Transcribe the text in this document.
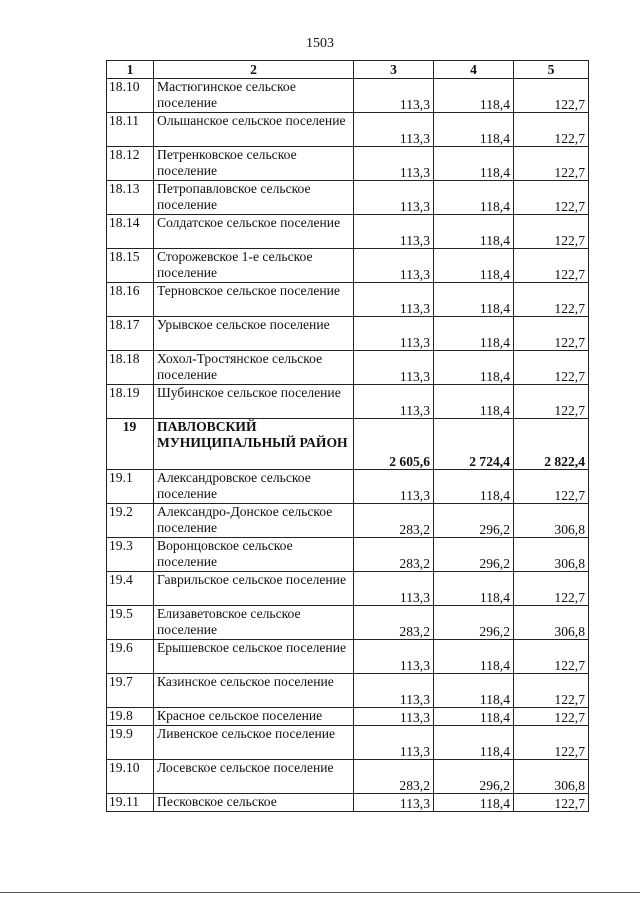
1503
1	2	3	4	5
18.10	Мастюгинское сельское поселение	113,3	118,4	122,7
18.11	Ольшанское сельское поселение	113,3	118,4	122,7
18.12	Петренковское сельское поселение	113,3	118,4	122,7
18.13	Петропавловское сельское поселение	113,3	118,4	122,7
18.14	Солдатское сельское поселение	113,3	118,4	122,7
18.15	Сторожевское 1-е сельское поселение	113,3	118,4	122,7
18.16	Терновское сельское поселение	113,3	118,4	122,7
18.17	Урывское сельское поселение	113,3	118,4	122,7
18.18	Хохол-Тростянское сельское поселение	113,3	118,4	122,7
18.19	Шубинское сельское поселение	113,3	118,4	122,7
19	ПАВЛОВСКИЙ МУНИЦИПАЛЬНЫЙ РАЙОН	2 605,6	2 724,4	2 822,4
19.1	Александровское сельское поселение	113,3	118,4	122,7
19.2	Александро-Донское сельское поселение	283,2	296,2	306,8
19.3	Воронцовское сельское поселение	283,2	296,2	306,8
19.4	Гаврильское сельское поселение	113,3	118,4	122,7
19.5	Елизаветовское сельское поселение	283,2	296,2	306,8
19.6	Ерышевское сельское поселение	113,3	118,4	122,7
19.7	Казинское сельское поселение	113,3	118,4	122,7
19.8	Красное сельское поселение	113,3	118,4	122,7
19.9	Ливенское сельское поселение	113,3	118,4	122,7
19.10	Лосевское сельское поселение	283,2	296,2	306,8
19.11	Песковское сельское	113,3	118,4	122,7
